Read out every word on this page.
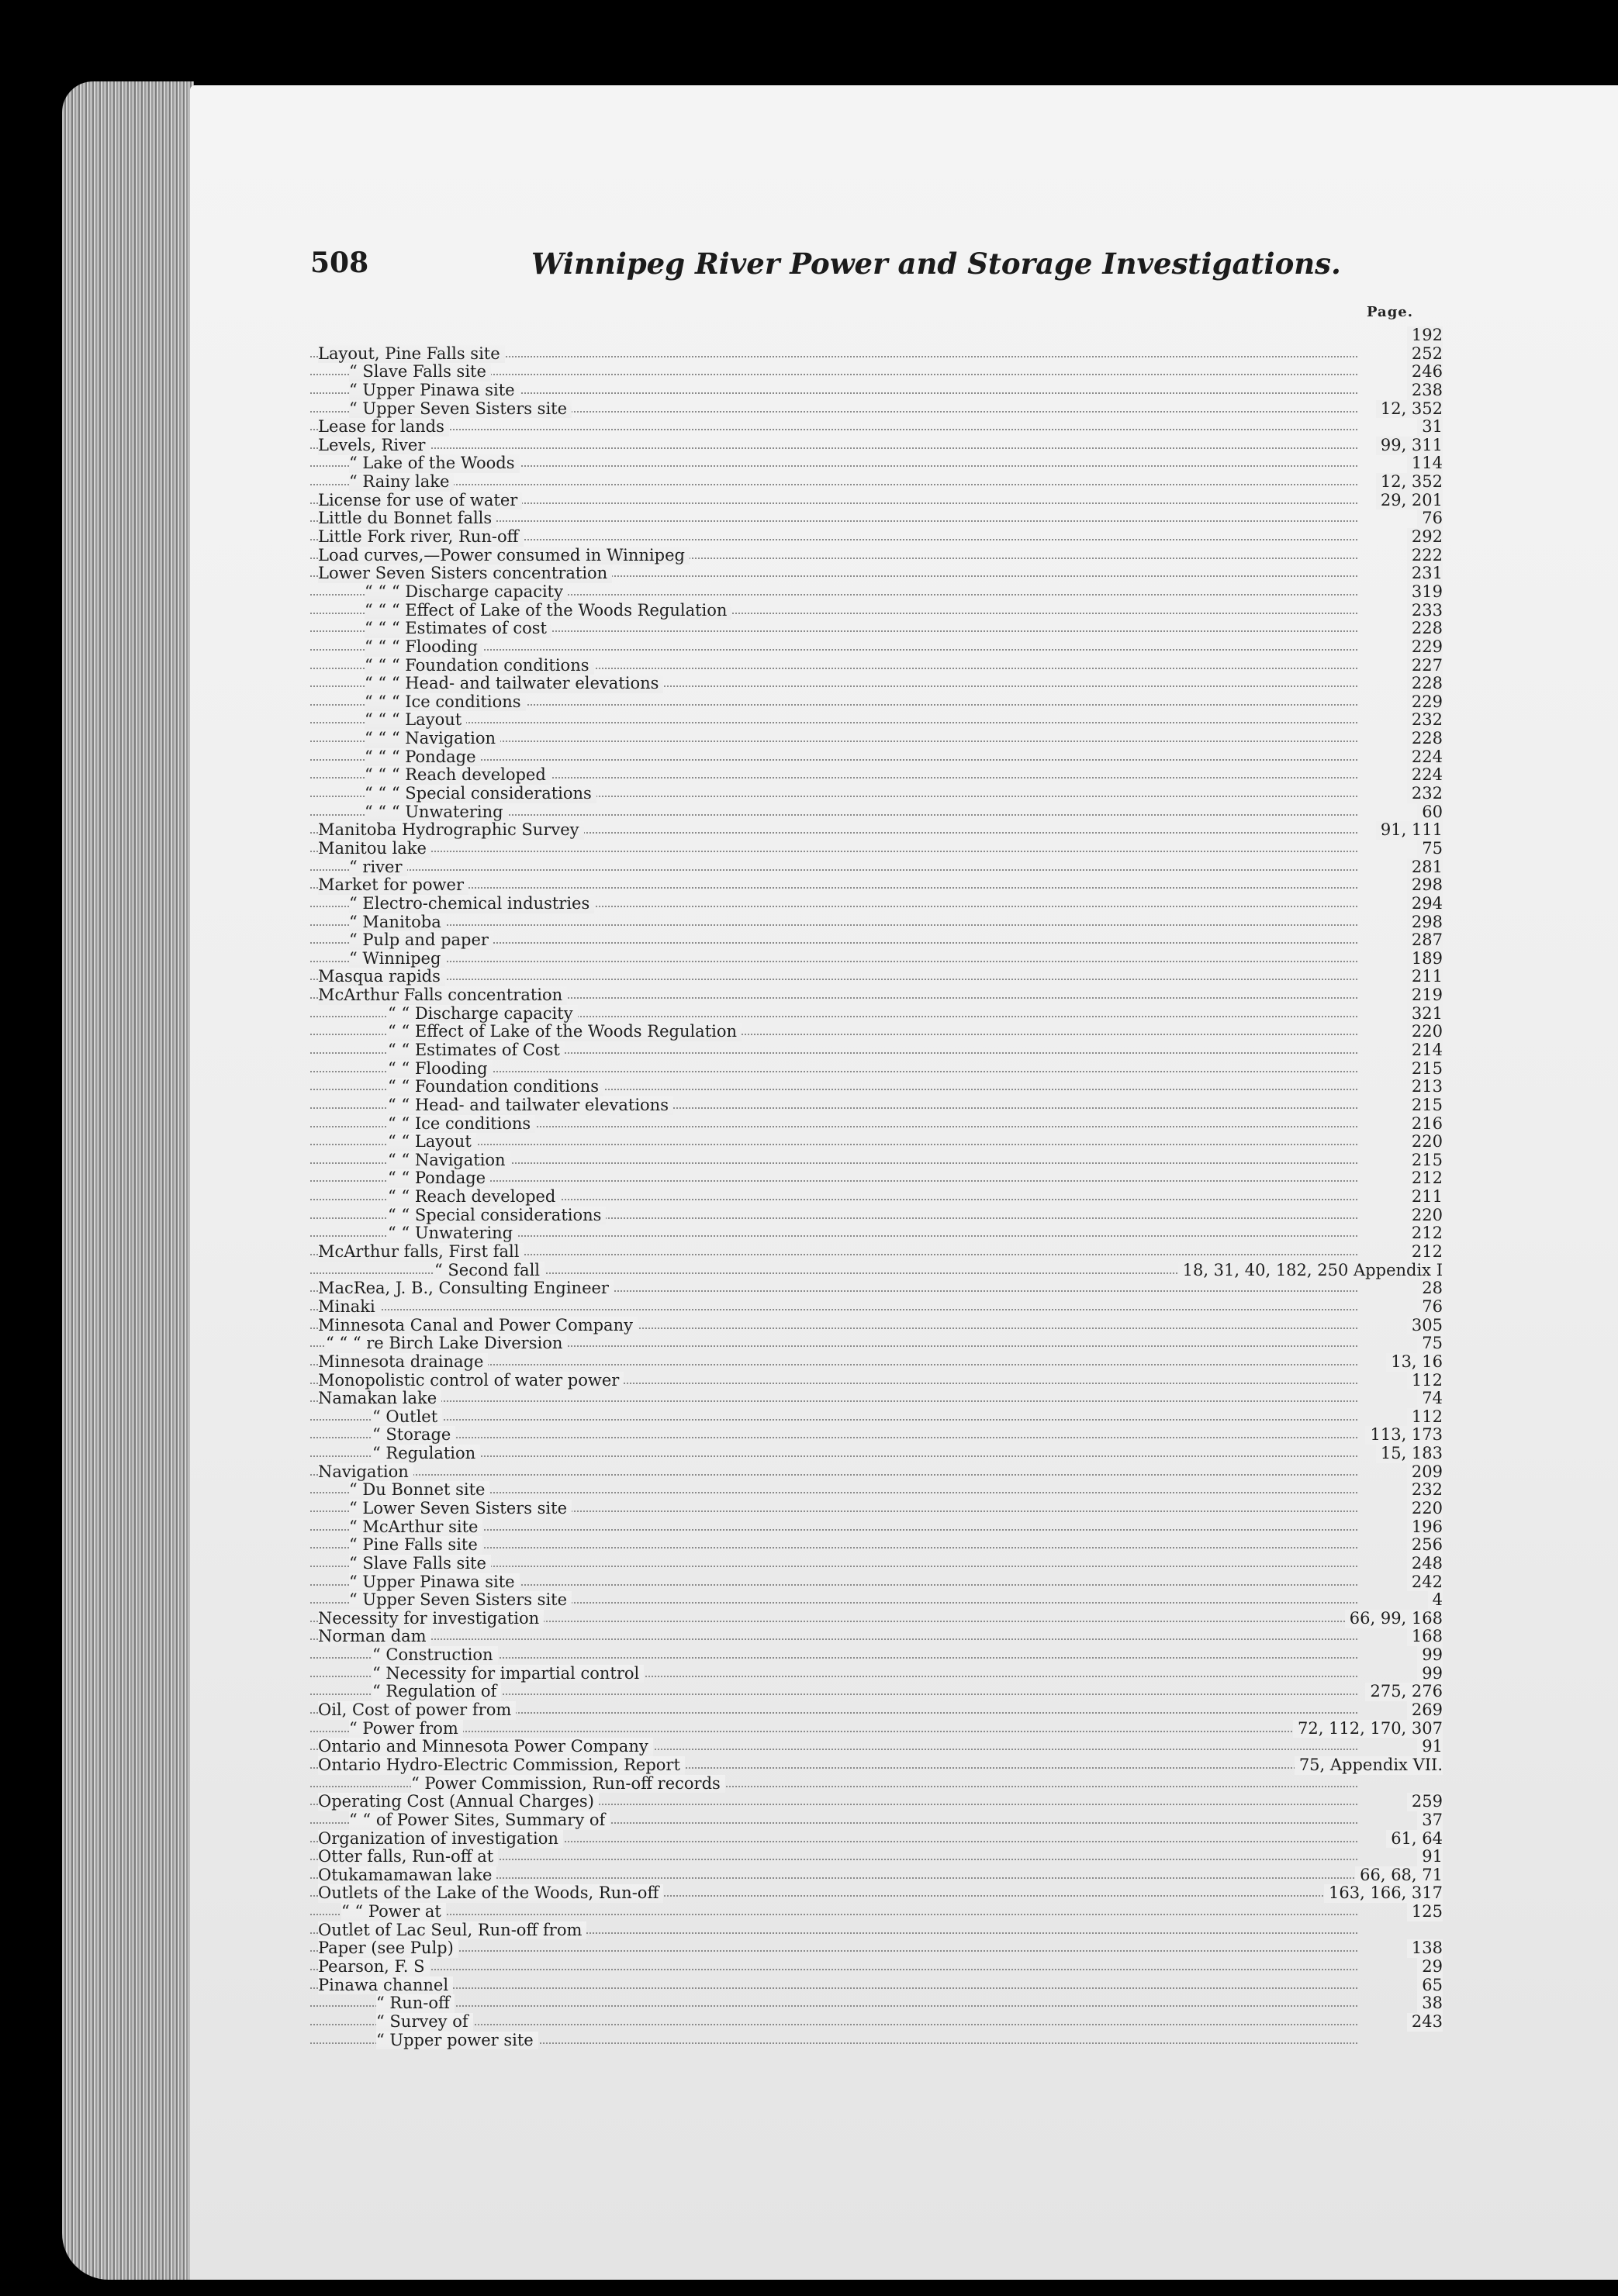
508	Winnipeg River Power and Storage Investigations.
Page.
192
Layout, Pine Falls site	252
“ Slave Falls site	246
“ Upper Pinawa site	238
“ Upper Seven Sisters site	12, 352
Lease for lands	31
Levels, River	99, 311
“ Lake of the Woods	114
“ Rainy lake	12, 352
License for use of water	29, 201
Little du Bonnet falls	76
Little Fork river, Run-off	292
Load curves,—Power consumed in Winnipeg	222
Lower Seven Sisters concentration	231
“ “ “ Discharge capacity	319
“ “ “ Effect of Lake of the Woods Regulation	233
“ “ “ Estimates of cost	228
“ “ “ Flooding	229
“ “ “ Foundation conditions	227
“ “ “ Head- and tailwater elevations	228
“ “ “ Ice conditions	229
“ “ “ Layout	232
“ “ “ Navigation	228
“ “ “ Pondage	224
“ “ “ Reach developed	224
“ “ “ Special considerations	232
“ “ “ Unwatering	60
Manitoba Hydrographic Survey	91, 111
Manitou lake	75
“ river	281
Market for power	298
“ Electro-chemical industries	294
“ Manitoba	298
“ Pulp and paper	287
“ Winnipeg	189
Masqua rapids	211
McArthur Falls concentration	219
“ “ Discharge capacity	321
“ “ Effect of Lake of the Woods Regulation	220
“ “ Estimates of Cost	214
“ “ Flooding	215
“ “ Foundation conditions	213
“ “ Head- and tailwater elevations	215
“ “ Ice conditions	216
“ “ Layout	220
“ “ Navigation	215
“ “ Pondage	212
“ “ Reach developed	211
“ “ Special considerations	220
“ “ Unwatering	212
McArthur falls, First fall	212
“ Second fall	18, 31, 40, 182, 250 Appendix I
MacRea, J. B., Consulting Engineer	28
Minaki	76
Minnesota Canal and Power Company	305
“ “ “ re Birch Lake Diversion	75
Minnesota drainage	13, 16
Monopolistic control of water power	112
Namakan lake	74
“ Outlet	112
“ Storage	113, 173
“ Regulation	15, 183
Navigation	209
“ Du Bonnet site	232
“ Lower Seven Sisters site	220
“ McArthur site	196
“ Pine Falls site	256
“ Slave Falls site	248
“ Upper Pinawa site	242
“ Upper Seven Sisters site	4
Necessity for investigation	66, 99, 168
Norman dam	168
“ Construction	99
“ Necessity for impartial control	99
“ Regulation of	275, 276
Oil, Cost of power from	269
“ Power from	72, 112, 170, 307
Ontario and Minnesota Power Company	91
Ontario Hydro-Electric Commission, Report	75, Appendix VII.
“ Power Commission, Run-off records
Operating Cost (Annual Charges)	259
“ “ of Power Sites, Summary of	37
Organization of investigation	61, 64
Otter falls, Run-off at	91
Otukamamawan lake	66, 68, 71
Outlets of the Lake of the Woods, Run-off	163, 166, 317
“ “ Power at	125
Outlet of Lac Seul, Run-off from
Paper (see Pulp)	138
Pearson, F. S	29
Pinawa channel	65
“ Run-off	38
“ Survey of	243
“ Upper power site
